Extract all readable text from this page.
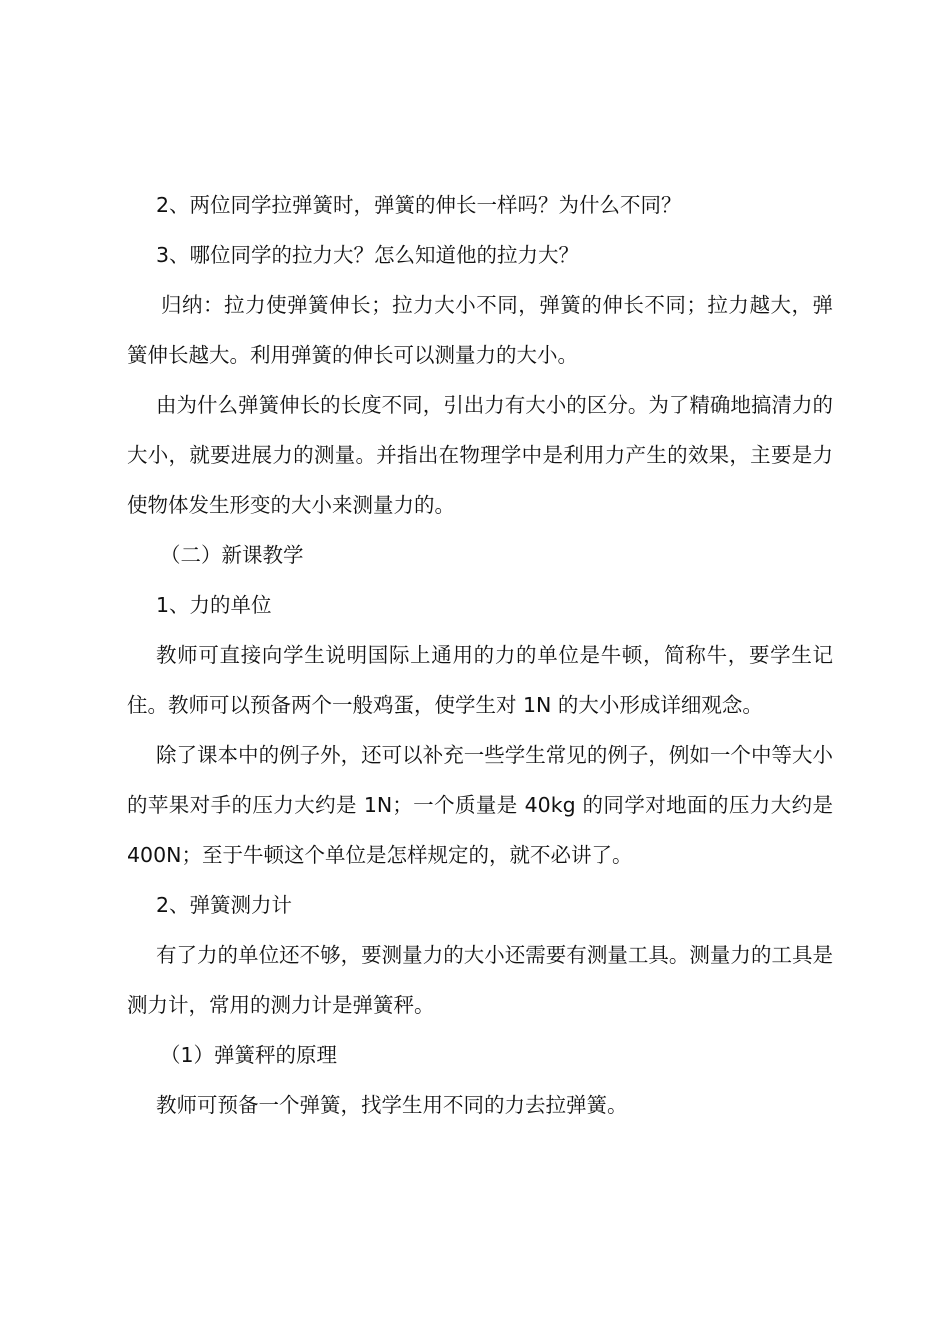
2、两位同学拉弹簧时，弹簧的伸长一样吗？为什么不同？

3、哪位同学的拉力大？怎么知道他的拉力大？

归纳：拉力使弹簧伸长；拉力大小不同，弹簧的伸长不同；拉力越大，弹簧伸长越大。利用弹簧的伸长可以测量力的大小。

由为什么弹簧伸长的长度不同，引出力有大小的区分。为了精确地搞清力的大小，就要进展力的测量。并指出在物理学中是利用力产生的效果，主要是力使物体发生形变的大小来测量力的。

（二）新课教学

1、力的单位

教师可直接向学生说明国际上通用的力的单位是牛顿，简称牛，要学生记住。教师可以预备两个一般鸡蛋，使学生对 1N 的大小形成详细观念。

除了课本中的例子外，还可以补充一些学生常见的例子，例如一个中等大小的苹果对手的压力大约是 1N；一个质量是 40kg 的同学对地面的压力大约是 400N；至于牛顿这个单位是怎样规定的，就不必讲了。

2、弹簧测力计

有了力的单位还不够，要测量力的大小还需要有测量工具。测量力的工具是测力计，常用的测力计是弹簧秤。

（1）弹簧秤的原理

教师可预备一个弹簧，找学生用不同的力去拉弹簧。
